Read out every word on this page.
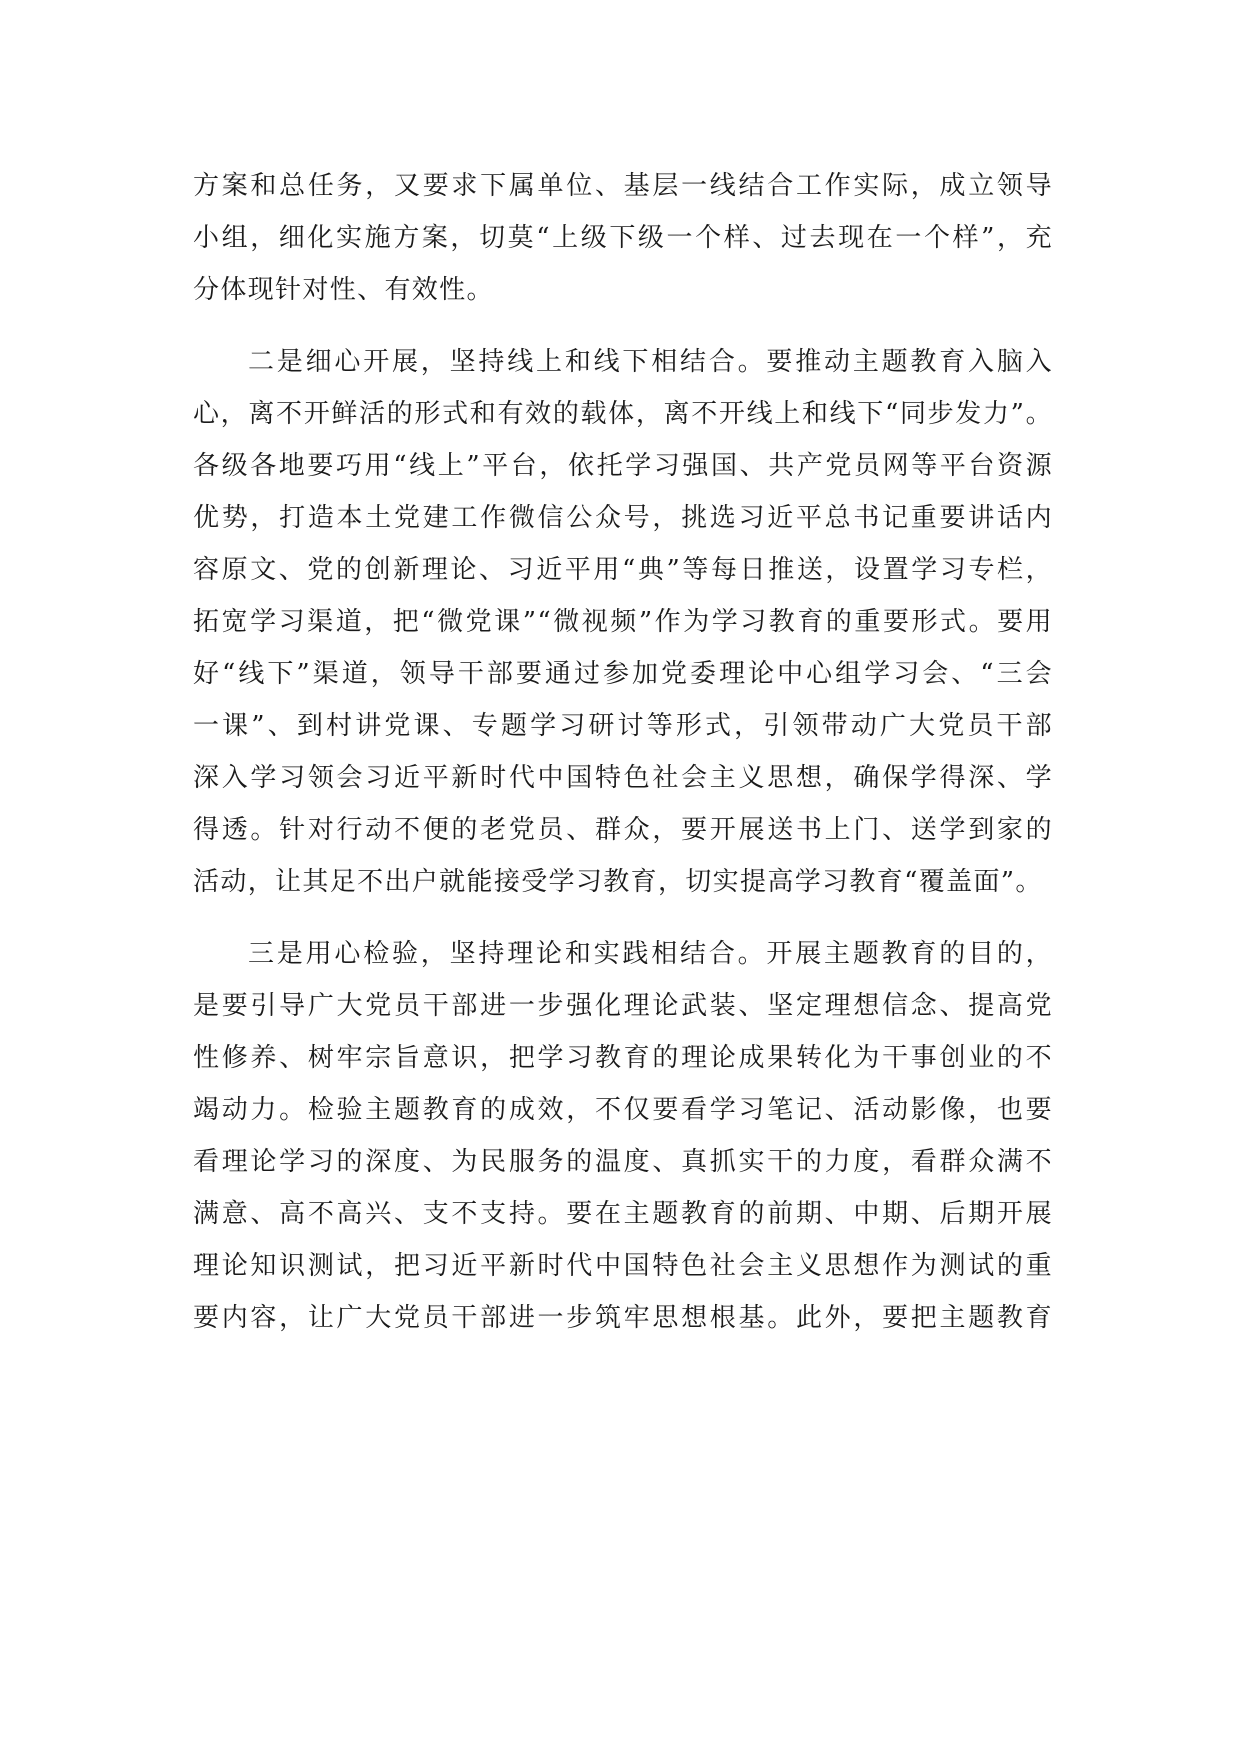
方案和总任务，又要求下属单位、基层一线结合工作实际，成立领导
小组，细化实施方案，切莫“上级下级一个样、过去现在一个样”，充
分体现针对性、有效性。
二是细心开展，坚持线上和线下相结合。要推动主题教育入脑入
心，离不开鲜活的形式和有效的载体，离不开线上和线下“同步发力”。
各级各地要巧用“线上”平台，依托学习强国、共产党员网等平台资源
优势，打造本土党建工作微信公众号，挑选习近平总书记重要讲话内
容原文、党的创新理论、习近平用“典”等每日推送，设置学习专栏，
拓宽学习渠道，把“微党课”“微视频”作为学习教育的重要形式。要用
好“线下”渠道，领导干部要通过参加党委理论中心组学习会、“三会
一课”、到村讲党课、专题学习研讨等形式，引领带动广大党员干部
深入学习领会习近平新时代中国特色社会主义思想，确保学得深、学
得透。针对行动不便的老党员、群众，要开展送书上门、送学到家的
活动，让其足不出户就能接受学习教育，切实提高学习教育“覆盖面”。
三是用心检验，坚持理论和实践相结合。开展主题教育的目的，
是要引导广大党员干部进一步强化理论武装、坚定理想信念、提高党
性修养、树牢宗旨意识，把学习教育的理论成果转化为干事创业的不
竭动力。检验主题教育的成效，不仅要看学习笔记、活动影像，也要
看理论学习的深度、为民服务的温度、真抓实干的力度，看群众满不
满意、高不高兴、支不支持。要在主题教育的前期、中期、后期开展
理论知识测试，把习近平新时代中国特色社会主义思想作为测试的重
要内容，让广大党员干部进一步筑牢思想根基。此外，要把主题教育
